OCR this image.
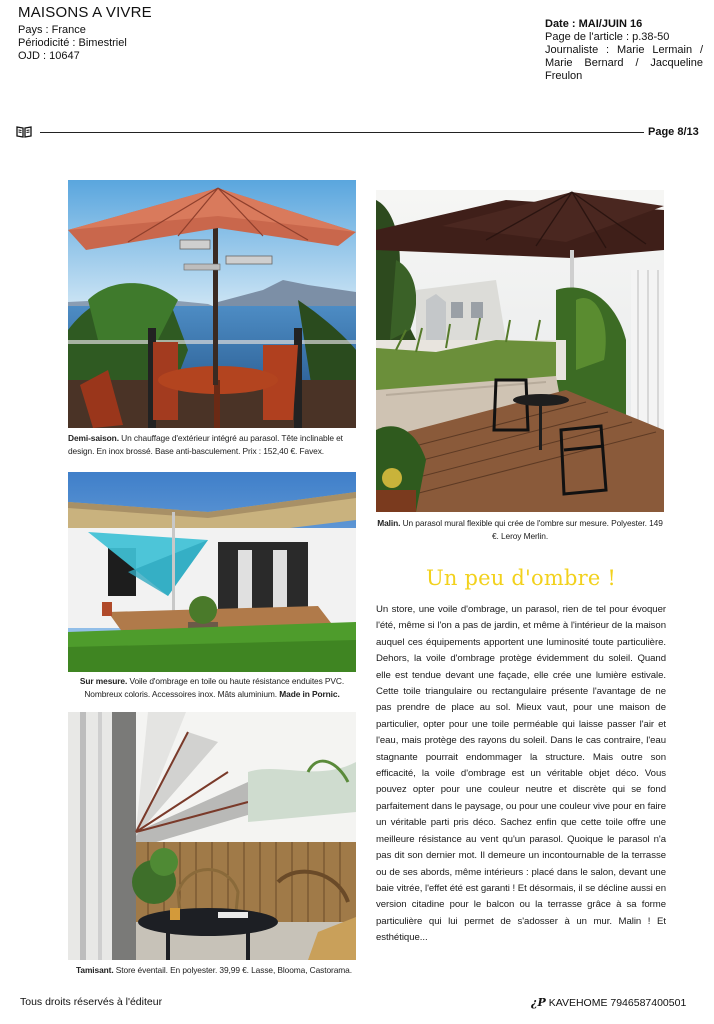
MAISONS A VIVRE
Pays : France
Périodicité : Bimestriel
OJD : 10647
Date : MAI/JUIN 16
Page de l'article : p.38-50
Journaliste : Marie Lermain / Marie Bernard / Jacqueline Freulon
Page 8/13
Demi-saison. Un chauffage d'extérieur intégré au parasol. Tête inclinable et design. En inox brossé. Base anti-basculement. Prix : 152,40 €. Favex.
Sur mesure. Voile d'ombrage en toile ou haute résistance enduites PVC. Nombreux coloris. Accessoires inox. Mâts aluminium. Made in Pornic.
Tamisant. Store éventail. En polyester. 39,99 €. Lasse, Blooma, Castorama.
Malin. Un parasol mural flexible qui crée de l'ombre sur mesure. Polyester. 149 €. Leroy Merlin.
Un peu d'ombre !
Un store, une voile d'ombrage, un parasol, rien de tel pour évoquer l'été, même si l'on a pas de jardin, et même à l'intérieur de la maison auquel ces équipements apportent une luminosité toute particulière. Dehors, la voile d'ombrage protège évidemment du soleil. Quand elle est tendue devant une façade, elle crée une lumière estivale. Cette toile triangulaire ou rectangulaire présente l'avantage de ne pas prendre de place au sol. Mieux vaut, pour une maison de particulier, opter pour une toile perméable qui laisse passer l'air et l'eau, mais protège des rayons du soleil. Dans le cas contraire, l'eau stagnante pourrait endommager la structure. Mais outre son efficacité, la voile d'ombrage est un véritable objet déco. Vous pouvez opter pour une couleur neutre et discrète qui se fond parfaitement dans le paysage, ou pour une couleur vive pour en faire un véritable parti pris déco. Sachez enfin que cette toile offre une meilleure résistance au vent qu'un parasol. Quoique le parasol n'a pas dit son dernier mot. Il demeure un incontournable de la terrasse ou de ses abords, même intérieurs : placé dans le salon, devant une baie vitrée, l'effet été est garanti ! Et désormais, il se décline aussi en version citadine pour le balcon ou la terrasse grâce à sa forme particulière qui lui permet de s'adosser à un mur. Malin ! Et esthétique...
Tous droits réservés à l'éditeur	¿P KAVEHOME 7946587400501
